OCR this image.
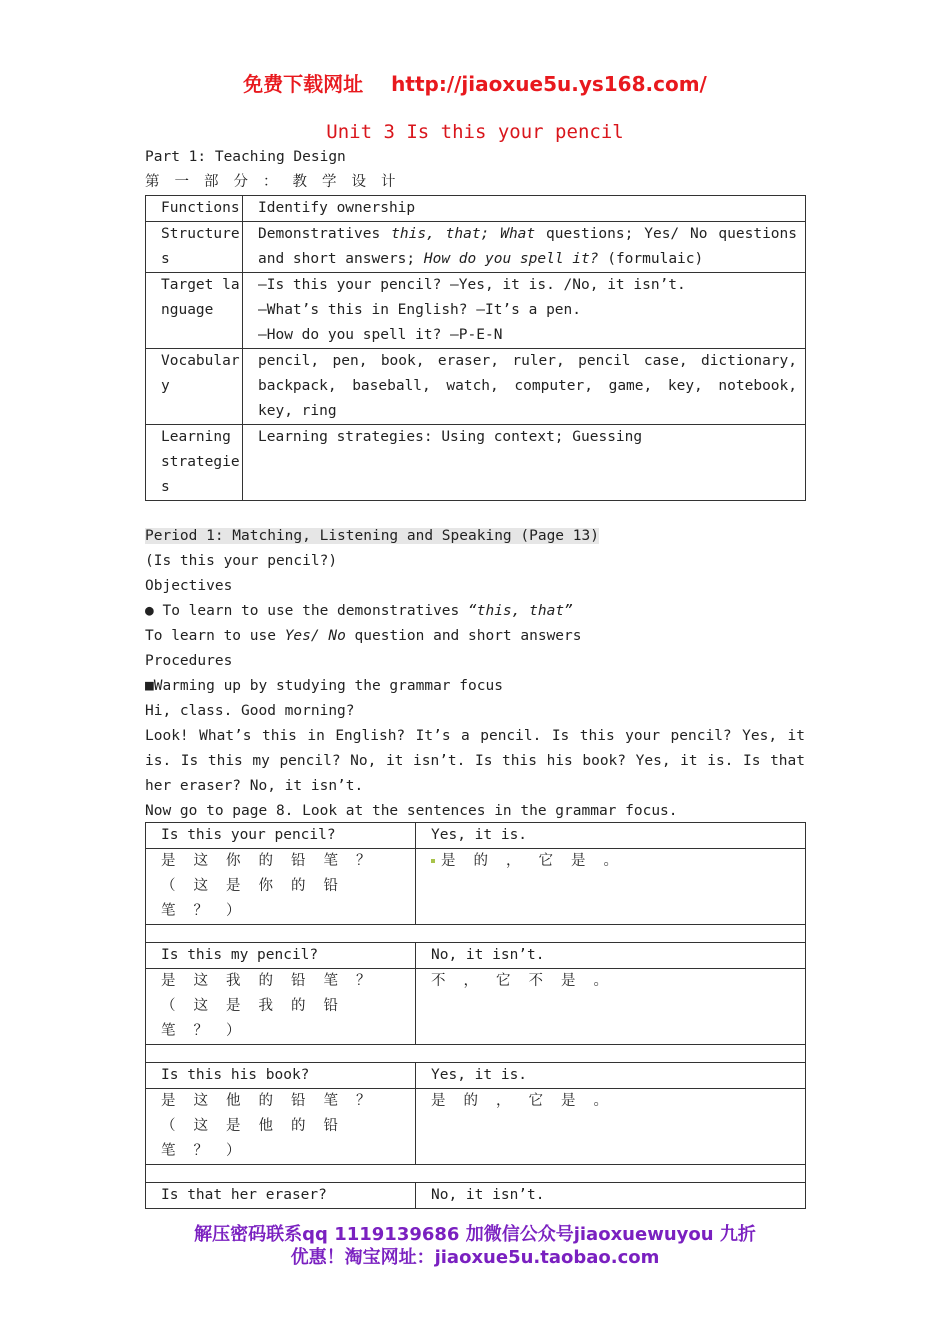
免费下载网址 http://jiaoxue5u.ys168.com/
Unit 3 Is this your pencil
Part 1: Teaching Design
第一部分：教学设计
Functions	Identify ownership
Structures	Demonstratives this, that; What questions; Yes/ No questions and short answers; How do you spell it? (formulaic)
Target language	—Is this your pencil? —Yes, it is. /No, it isn’t.
—What’s this in English? —It’s a pen.
—How do you spell it? —P-E-N

Vocabulary	pencil, pen, book, eraser, ruler, pencil case, dictionary, backpack, baseball, watch, computer, game, key, notebook, key, ring
Learning strategies	Learning strategies: Using context; Guessing
Period 1: Matching, Listening and Speaking (Page 13)
(Is this your pencil?)
Objectives
● To learn to use the demonstratives “this, that”
To learn to use Yes/ No question and short answers
Procedures
■Warming up by studying the grammar focus
Hi, class. Good morning?
Look! What’s this in English? It’s a pencil. Is this your pencil? Yes, it is. Is this my pencil? No, it isn’t. Is this his book? Yes, it is. Is that her eraser? No, it isn’t.
Now go to page 8. Look at the sentences in the grammar focus.
Is this your pencil?	Yes, it is.
是这你的铅笔？（这是你的铅笔？）	是的，它是。

Is this my pencil?	No, it isn’t.
是这我的铅笔？（这是我的铅笔？）	不，它不是。

Is this his book?	Yes, it is.
是这他的铅笔？（这是他的铅笔？）	是的，它是。

Is that her eraser?	No, it isn’t.
解压密码联系qq 1119139686 加微信公众号jiaoxuewuyou 九折
优惠！淘宝网址：jiaoxue5u.taobao.com
